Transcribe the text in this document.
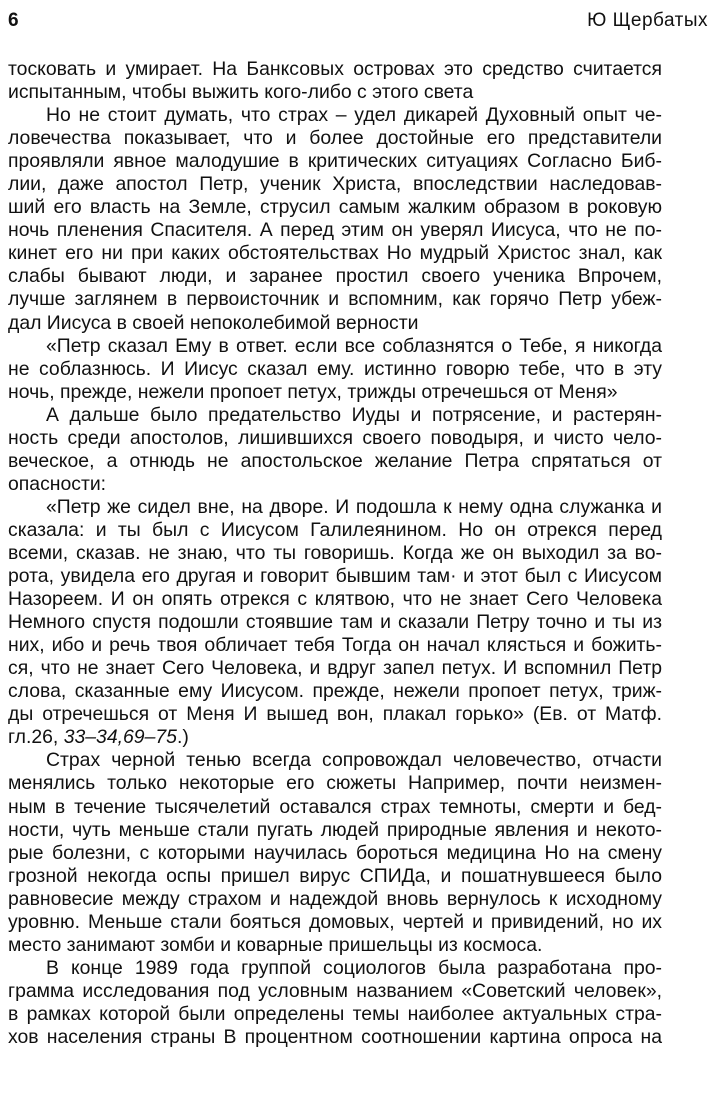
6	Ю Щербатых
тосковать и умирает. На Банксовых островах это средство считается
испытанным, чтобы выжить кого-либо с этого света
Но не стоит думать, что страх – удел дикарей Духовный опыт че-
ловечества показывает, что и более достойные его представители
проявляли явное малодушие в критических ситуациях Согласно Биб-
лии, даже апостол Петр, ученик Христа, впоследствии наследовав-
ший его власть на Земле, струсил самым жалким образом в роковую
ночь пленения Спасителя. А перед этим он уверял Иисуса, что не по-
кинет его ни при каких обстоятельствах Но мудрый Христос знал, как
слабы бывают люди, и заранее простил своего ученика Впрочем,
лучше заглянем в первоисточник и вспомним, как горячо Петр убеж-
дал Иисуса в своей непоколебимой верности
«Петр сказал Ему в ответ. если все соблазнятся о Тебе, я никогда
не соблазнюсь. И Иисус сказал ему. истинно говорю тебе, что в эту
ночь, прежде, нежели пропоет петух, трижды отречешься от Меня»
А дальше было предательство Иуды и потрясение, и растерян-
ность среди апостолов, лишившихся своего поводыря, и чисто чело-
веческое, а отнюдь не апостольское желание Петра спрятаться от
опасности:
«Петр же сидел вне, на дворе. И подошла к нему одна служанка и
сказала: и ты был с Иисусом Галилеянином. Но он отрекся перед
всеми, сказав. не знаю, что ты говоришь. Когда же он выходил за во-
рота, увидела его другая и говорит бывшим там· и этот был с Иисусом
Назореем. И он опять отрекся с клятвою, что не знает Сего Человека
Немного спустя подошли стоявшие там и сказали Петру точно и ты из
них, ибо и речь твоя обличает тебя Тогда он начал клясться и божить-
ся, что не знает Сего Человека, и вдруг запел петух. И вспомнил Петр
слова, сказанные ему Иисусом. прежде, нежели пропоет петух, триж-
ды отречешься от Меня И вышед вон, плакал горько» (Ев. от Матф.
гл.26, 33–34,69–75.)
Страх черной тенью всегда сопровождал человечество, отчасти
менялись только некоторые его сюжеты Например, почти неизмен-
ным в течение тысячелетий оставался страх темноты, смерти и бед-
ности, чуть меньше стали пугать людей природные явления и некото-
рые болезни, с которыми научилась бороться медицина Но на смену
грозной некогда оспы пришел вирус СПИДа, и пошатнувшееся было
равновесие между страхом и надеждой вновь вернулось к исходному
уровню. Меньше стали бояться домовых, чертей и привидений, но их
место занимают зомби и коварные пришельцы из космоса.
В конце 1989 года группой социологов была разработана про-
грамма исследования под условным названием «Советский человек»,
в рамках которой были определены темы наиболее актуальных стра-
хов населения страны В процентном соотношении картина опроса на
